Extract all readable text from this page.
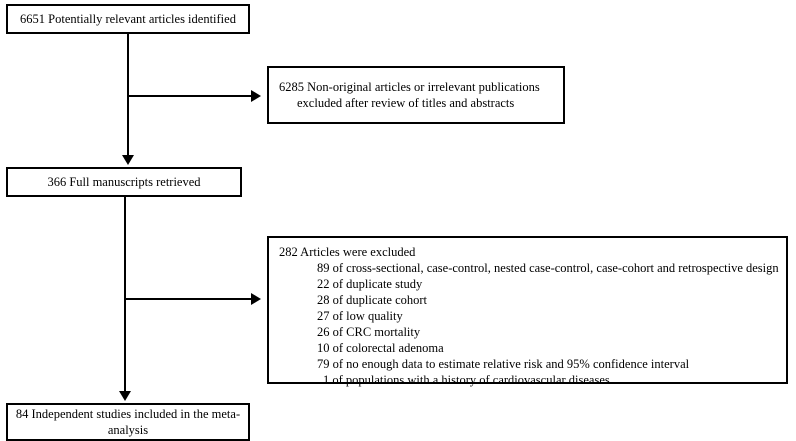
6651 Potentially relevant articles identified
6285 Non-original articles or irrelevant publications
excluded after review of titles and abstracts
366 Full manuscripts retrieved
282 Articles were excluded
89 of cross-sectional, case-control, nested case-control, case-cohort and retrospective design
22 of duplicate study
28 of duplicate cohort
27 of low quality
26 of CRC mortality
10 of colorectal adenoma
79 of no enough data to estimate relative risk and 95% confidence interval
1 of populations with a history of cardiovascular diseases
84 Independent studies included in the meta-
analysis
